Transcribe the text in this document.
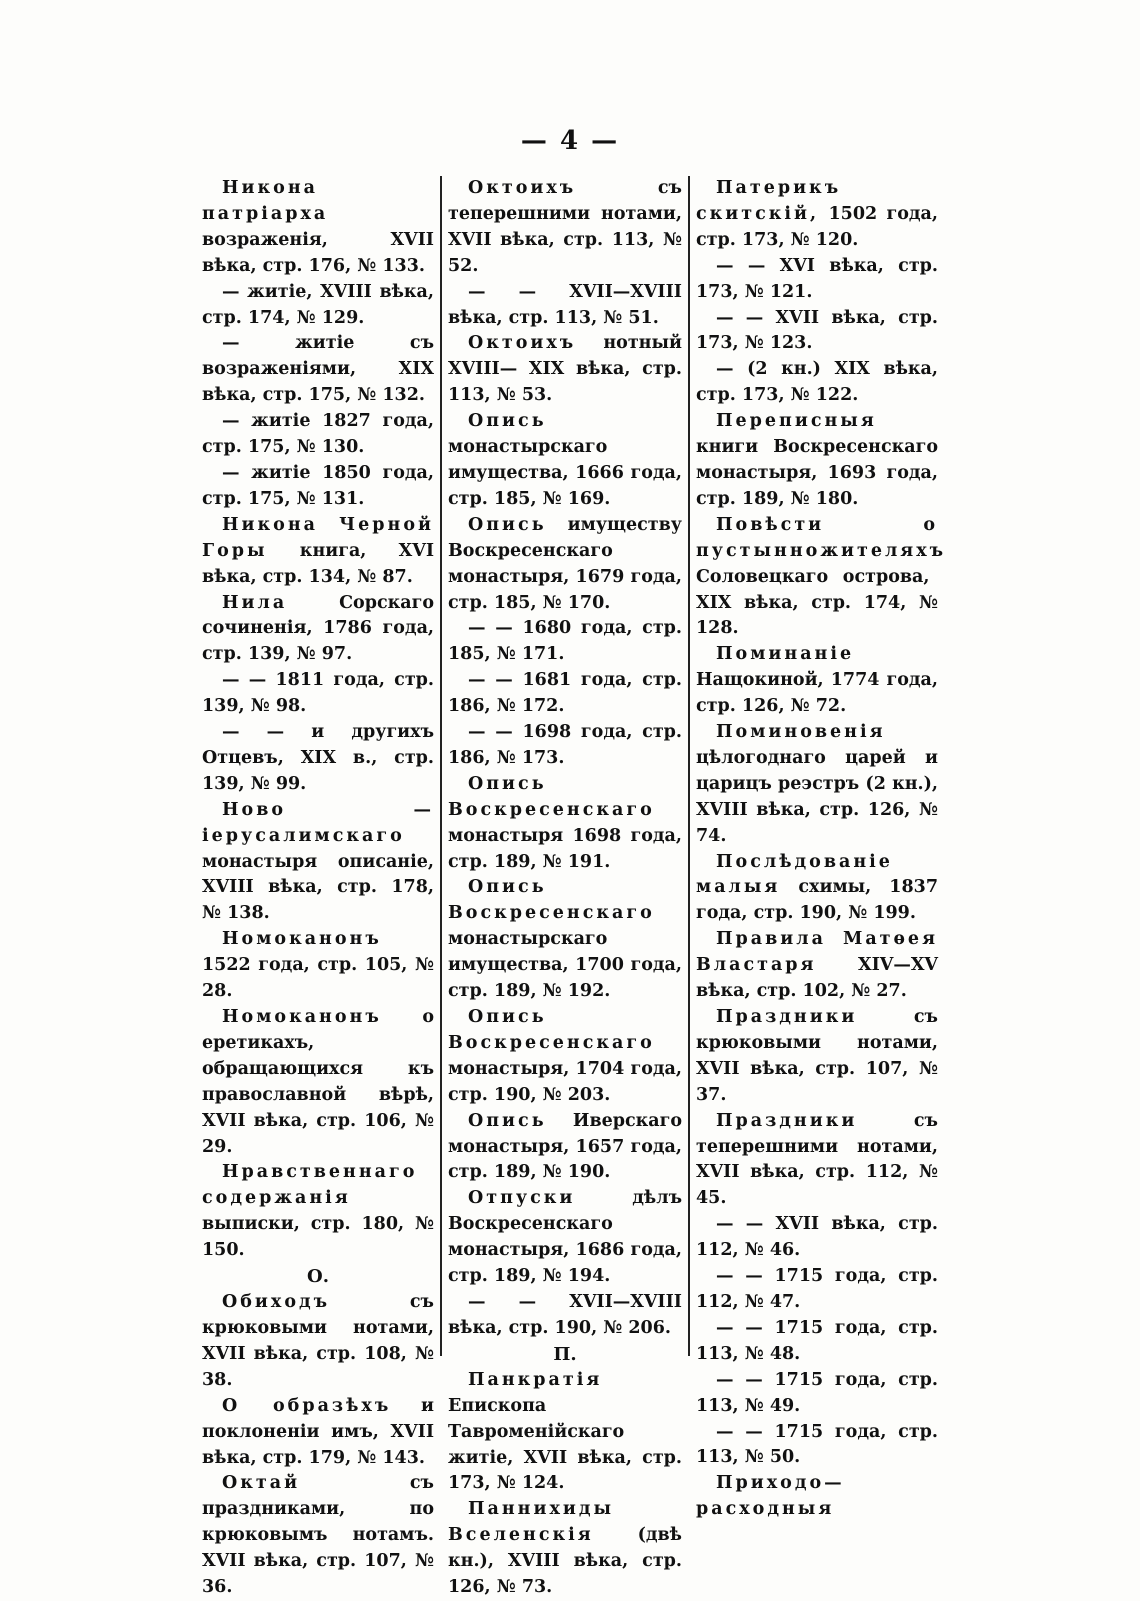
— 4 —

Никона патріарха возраженія, XVII вѣка, стр. 176, № 133.

— житіе, XVIII вѣка, стр. 174, № 129.

— житіе съ возраженіями, XIX вѣка, стр. 175, № 132.

— житіе 1827 года, стр. 175, № 130.

— житіе 1850 года, стр. 175, № 131.

Никона Черной Горы книга, XVI вѣка, стр. 134, № 87.

Нила Сорскаго сочиненія, 1786 года, стр. 139, № 97.

— — 1811 года, стр. 139, № 98.

— — и другихъ Отцевъ, XIX в., стр. 139, № 99.

Ново — іерусалимскаго монастыря описаніе, XVIII вѣка, стр. 178, № 138.

Номоканонъ 1522 года, стр. 105, № 28.

Номоканонъ о еретикахъ, обращающихся къ православной вѣрѣ, XVII вѣка, стр. 106, № 29.

Нравственнаго содержанія выписки, стр. 180, № 150.

О.

Обиходъ съ крюковыми нотами, XVII вѣка, стр. 108, № 38.

О образѣхъ и поклоненіи имъ, XVII вѣка, стр. 179, № 143.

Октай съ праздниками, по крюковымъ нотамъ. XVII вѣка, стр. 107, № 36.

Октоихъ съ теперешними нотами, XVII вѣка, стр. 113, № 52.

— — XVII—XVIII вѣка, стр. 113, № 51.

Октоихъ нотный XVIII— XIX вѣка, стр. 113, № 53.

Опись монастырскаго имущества, 1666 года, стр. 185, № 169.

Опись имуществу Воскресенскаго монастыря, 1679 года, стр. 185, № 170.

— — 1680 года, стр. 185, № 171.

— — 1681 года, стр. 186, № 172.

— — 1698 года, стр. 186, № 173.

Опись Воскресенскаго монастыря 1698 года, стр. 189, № 191.

Опись Воскресенскаго монастырскаго имущества, 1700 года, стр. 189, № 192.

Опись Воскресенскаго монастыря, 1704 года, стр. 190, № 203.

Опись Иверскаго монастыря, 1657 года, стр. 189, № 190.

Отпуски дѣлъ Воскресенскаго монастыря, 1686 года, стр. 189, № 194.

— — XVII—XVIII вѣка, стр. 190, № 206.

П.

Панкратія Епископа Тавроменійскаго житіе, XVII вѣка, стр. 173, № 124.

Паннихиды Вселенскія (двѣ кн.), XVIII вѣка, стр. 126, № 73.

Патерикъ скитскій, 1502 года, стр. 173, № 120.

— — XVI вѣка, стр. 173, № 121.

— — XVII вѣка, стр. 173, № 123.

— (2 кн.) XIX вѣка, стр. 173, № 122.

Переписныя книги Воскресенскаго монастыря, 1693 года, стр. 189, № 180.

Повѣсти о пустынножителяхъ Соловецкаго острова, XIX вѣка, стр. 174, № 128.

Поминаніе Нащокиной, 1774 года, стр. 126, № 72.

Поминовенія цѣлогоднаго царей и царицъ реэстръ (2 кн.), XVIII вѣка, стр. 126, № 74.

Послѣдованіе малыя схимы, 1837 года, стр. 190, № 199.

Правила Матѳея Властаря XIV—XV вѣка, стр. 102, № 27.

Праздники съ крюковыми нотами, XVII вѣка, стр. 107, № 37.

Праздники съ теперешними нотами, XVII вѣка, стр. 112, № 45.

— — XVII вѣка, стр. 112, № 46.

— — 1715 года, стр. 112, № 47.

— — 1715 года, стр. 113, № 48.

— — 1715 года, стр. 113, № 49.

— — 1715 года, стр. 113, № 50.

Приходо—расходныя
